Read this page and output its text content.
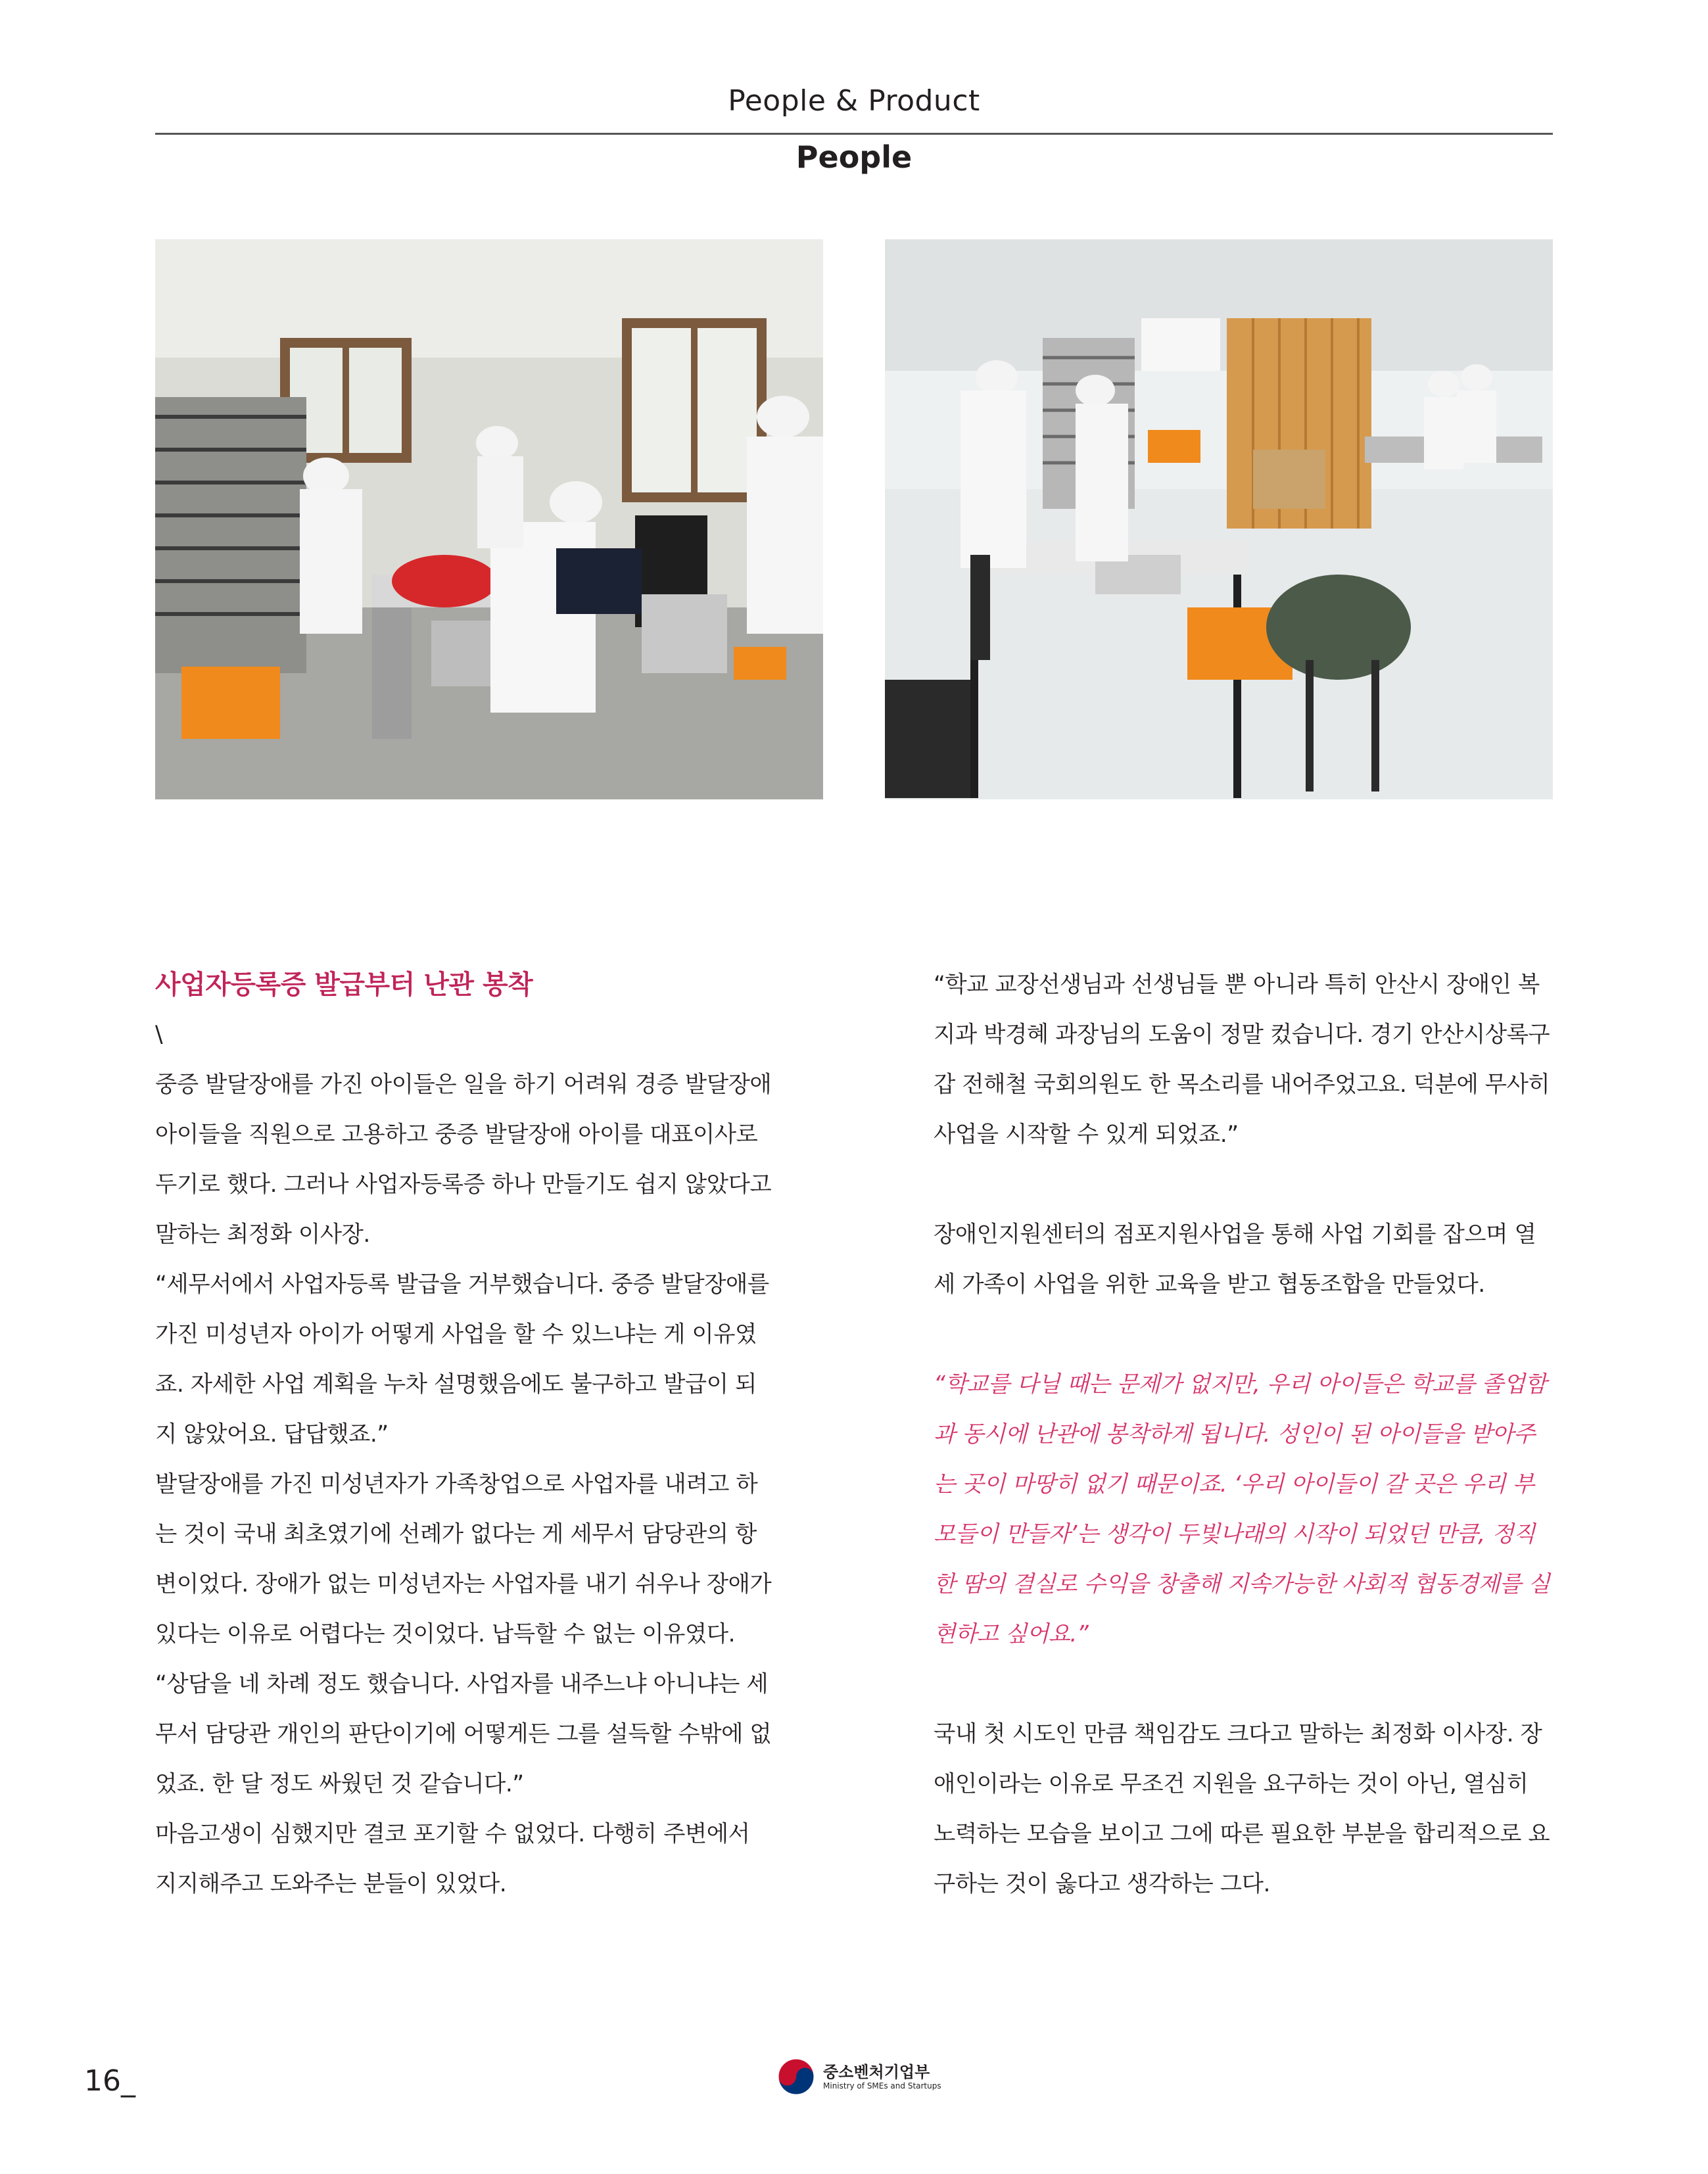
People & Product
People

사업자등록증 발급부터 난관 봉착

\

중증 발달장애를 가진 아이들은 일을 하기 어려워 경증 발달장애 아이들을 직원으로 고용하고 중증 발달장애 아이를 대표이사로 두기로 했다. 그러나 사업자등록증 하나 만들기도 쉽지 않았다고 말하는 최정화 이사장.

“세무서에서 사업자등록 발급을 거부했습니다. 중증 발달장애를 가진 미성년자 아이가 어떻게 사업을 할 수 있느냐는 게 이유였죠. 자세한 사업 계획을 누차 설명했음에도 불구하고 발급이 되지 않았어요. 답답했죠.”

발달장애를 가진 미성년자가 가족창업으로 사업자를 내려고 하는 것이 국내 최초였기에 선례가 없다는 게 세무서 담당관의 항변이었다. 장애가 없는 미성년자는 사업자를 내기 쉬우나 장애가 있다는 이유로 어렵다는 것이었다. 납득할 수 없는 이유였다.

“상담을 네 차례 정도 했습니다. 사업자를 내주느냐 아니냐는 세무서 담당관 개인의 판단이기에 어떻게든 그를 설득할 수밖에 없었죠. 한 달 정도 싸웠던 것 같습니다.”

마음고생이 심했지만 결코 포기할 수 없었다. 다행히 주변에서 지지해주고 도와주는 분들이 있었다.

“학교 교장선생님과 선생님들 뿐 아니라 특히 안산시 장애인 복지과 박경혜 과장님의 도움이 정말 컸습니다. 경기 안산시상록구갑 전해철 국회의원도 한 목소리를 내어주었고요. 덕분에 무사히 사업을 시작할 수 있게 되었죠.”

장애인지원센터의 점포지원사업을 통해 사업 기회를 잡으며 열 세 가족이 사업을 위한 교육을 받고 협동조합을 만들었다.

“학교를 다닐 때는 문제가 없지만, 우리 아이들은 학교를 졸업함과 동시에 난관에 봉착하게 됩니다. 성인이 된 아이들을 받아주는 곳이 마땅히 없기 때문이죠. ‘우리 아이들이 갈 곳은 우리 부모들이 만들자’는 생각이 두빛나래의 시작이 되었던 만큼, 정직한 땀의 결실로 수익을 창출해 지속가능한 사회적 협동경제를 실현하고 싶어요.”

국내 첫 시도인 만큼 책임감도 크다고 말하는 최정화 이사장. 장애인이라는 이유로 무조건 지원을 요구하는 것이 아닌, 열심히 노력하는 모습을 보이고 그에 따른 필요한 부분을 합리적으로 요구하는 것이 옳다고 생각하는 그다.

16_	중소벤처기업부
Ministry of SMEs and Startups
